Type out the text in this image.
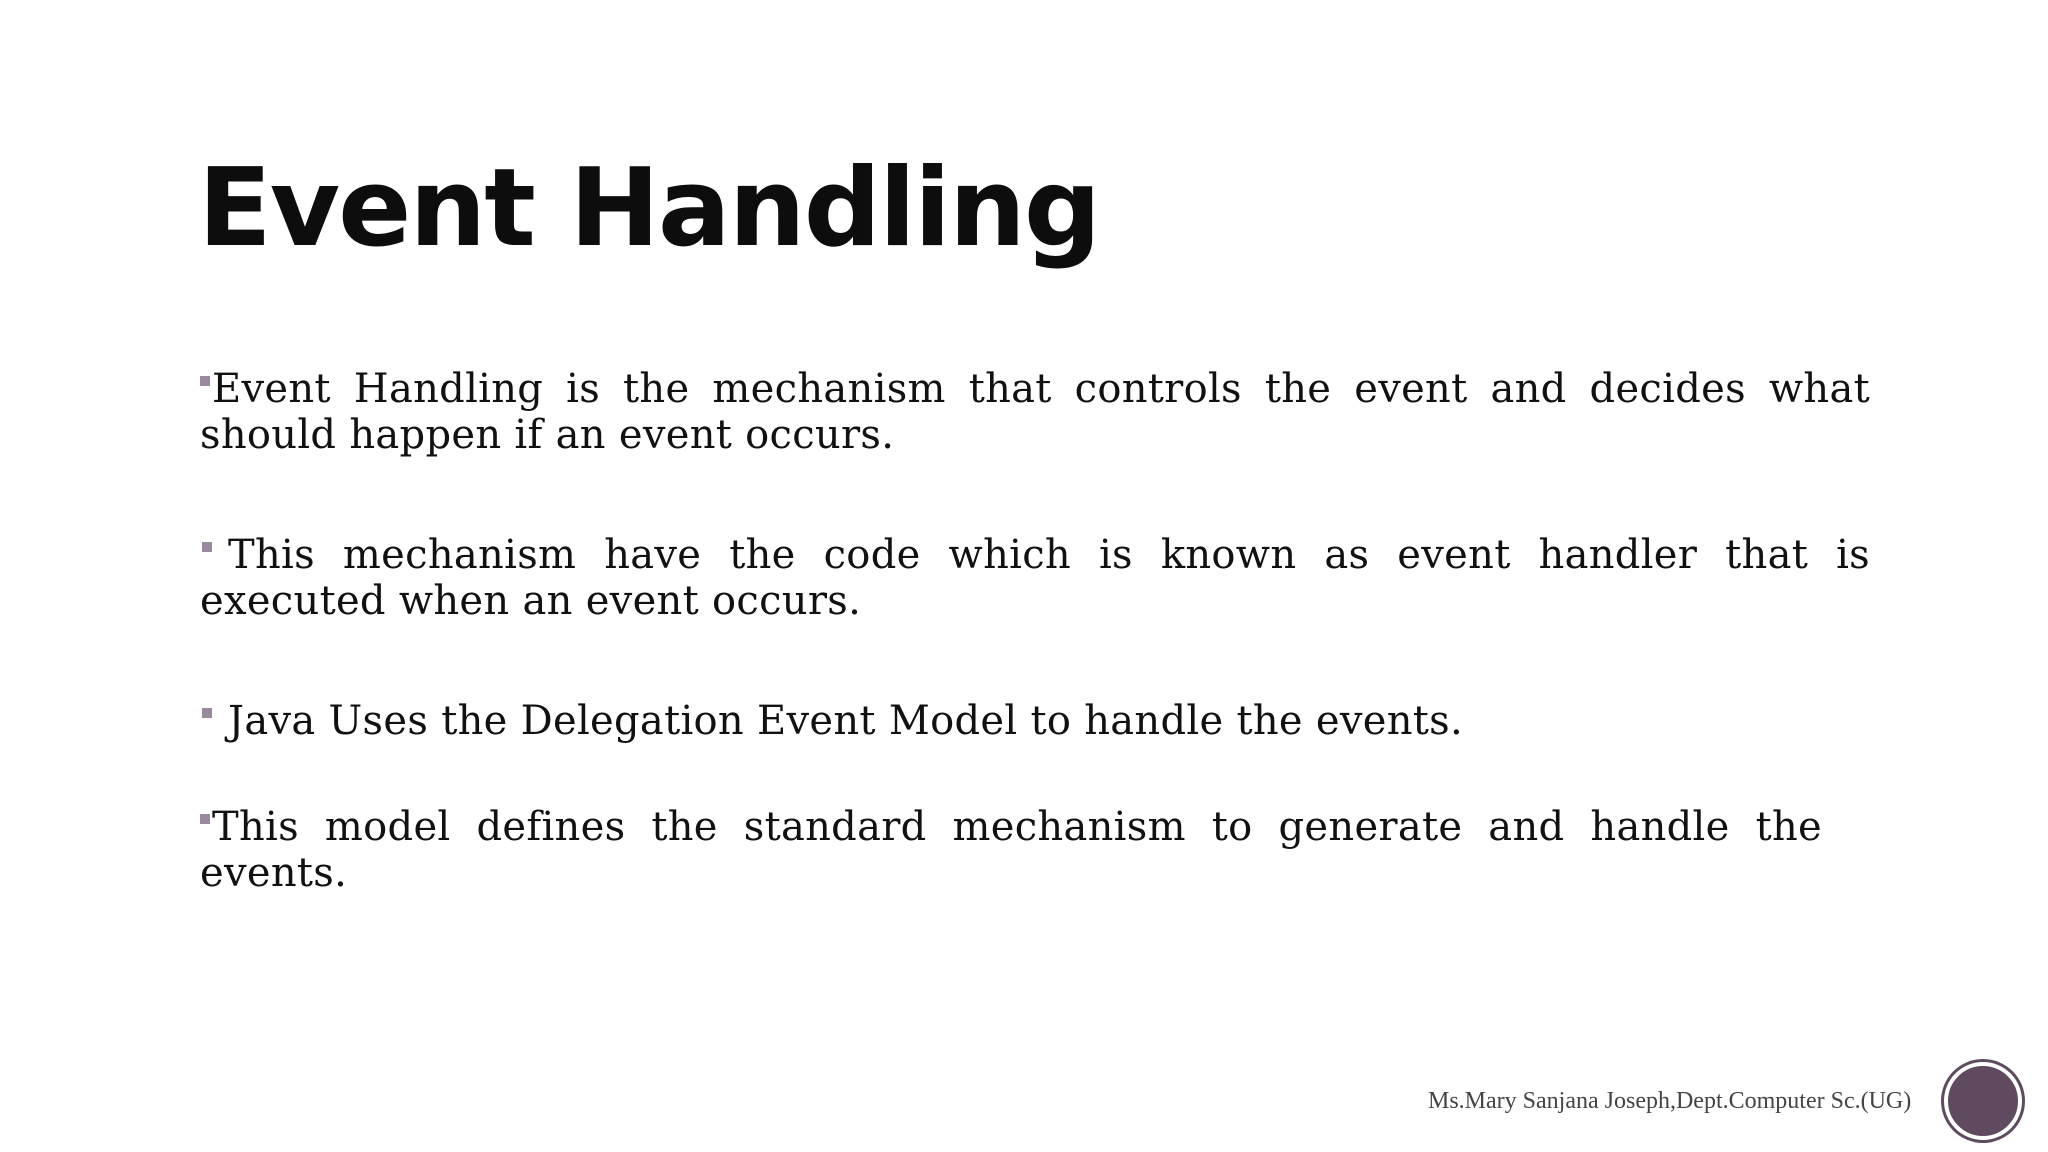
Event Handling
Event Handling is the mechanism that controls the event and decides what should happen if an event occurs.
This mechanism have the code which is known as event handler that is executed when an event occurs.
Java Uses the Delegation Event Model to handle the events.
This model defines the standard mechanism to generate and handle the events.
Ms.Mary Sanjana Joseph,Dept.Computer Sc.(UG)
